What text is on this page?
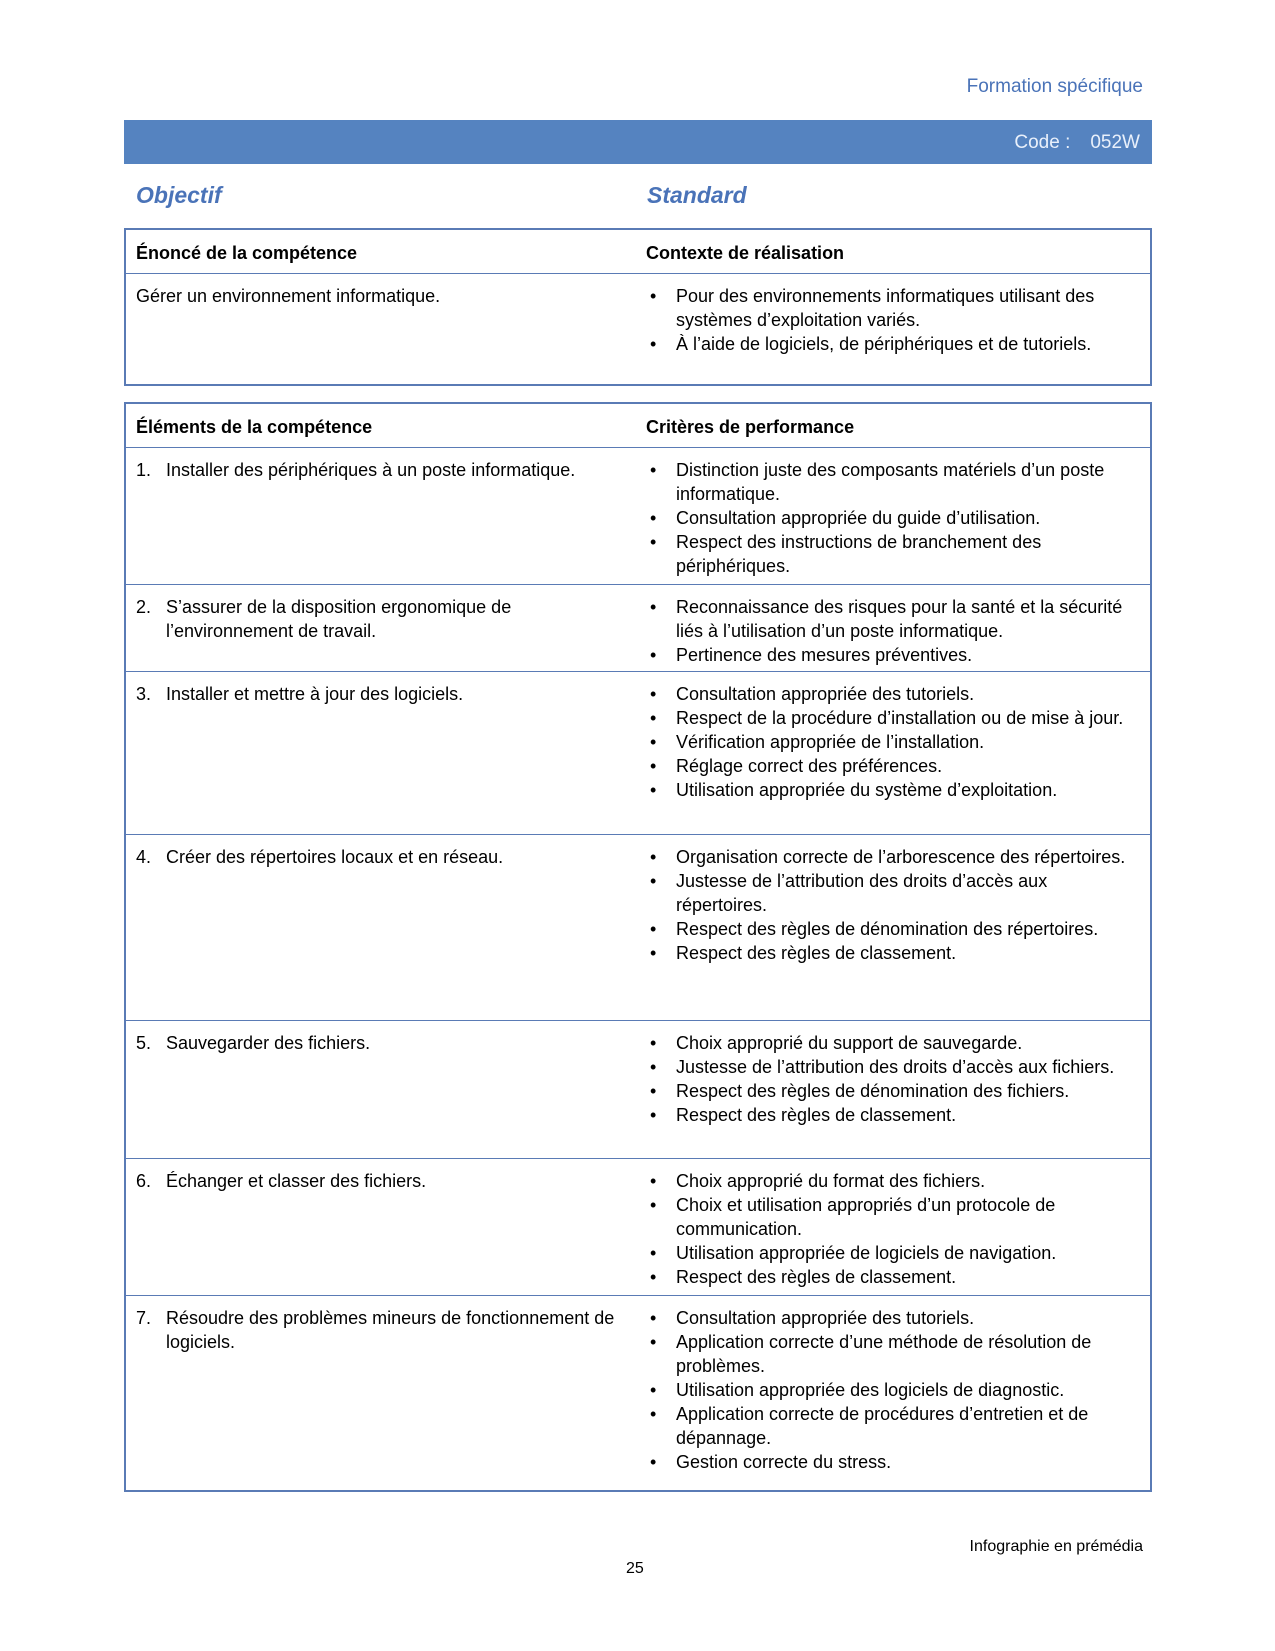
Formation spécifique
Code : 052W
Objectif	Standard
Énoncé de la compétence	Contexte de réalisation
Gérer un environnement informatique.	• Pour des environnements informatiques utilisant des systèmes d’exploitation variés.
• À l’aide de logiciels, de périphériques et de tutoriels.
Éléments de la compétence	Critères de performance
1. Installer des périphériques à un poste informatique.	• Distinction juste des composants matériels d’un poste informatique.
• Consultation appropriée du guide d’utilisation.
• Respect des instructions de branchement des périphériques.
2. S’assurer de la disposition ergonomique de l’environnement de travail.
• Reconnaissance des risques pour la santé et la sécurité liés à l’utilisation d’un poste informatique.
• Pertinence des mesures préventives.
3. Installer et mettre à jour des logiciels.	• Consultation appropriée des tutoriels.
• Respect de la procédure d’installation ou de mise à jour.
• Vérification appropriée de l’installation.
• Réglage correct des préférences.
• Utilisation appropriée du système d’exploitation.
4. Créer des répertoires locaux et en réseau.	• Organisation correcte de l’arborescence des répertoires.
• Justesse de l’attribution des droits d’accès aux répertoires.
• Respect des règles de dénomination des répertoires.
• Respect des règles de classement.
5. Sauvegarder des fichiers.	• Choix approprié du support de sauvegarde.
• Justesse de l’attribution des droits d’accès aux fichiers.
• Respect des règles de dénomination des fichiers.
• Respect des règles de classement.
6. Échanger et classer des fichiers.	• Choix approprié du format des fichiers.
• Choix et utilisation appropriés d’un protocole de communication.
• Utilisation appropriée de logiciels de navigation.
• Respect des règles de classement.
7. Résoudre des problèmes mineurs de fonctionnement de logiciels.
• Consultation appropriée des tutoriels.
• Application correcte d’une méthode de résolution de problèmes.
• Utilisation appropriée des logiciels de diagnostic.
• Application correcte de procédures d’entretien et de dépannage.
• Gestion correcte du stress.
Infographie en prémédia
25
